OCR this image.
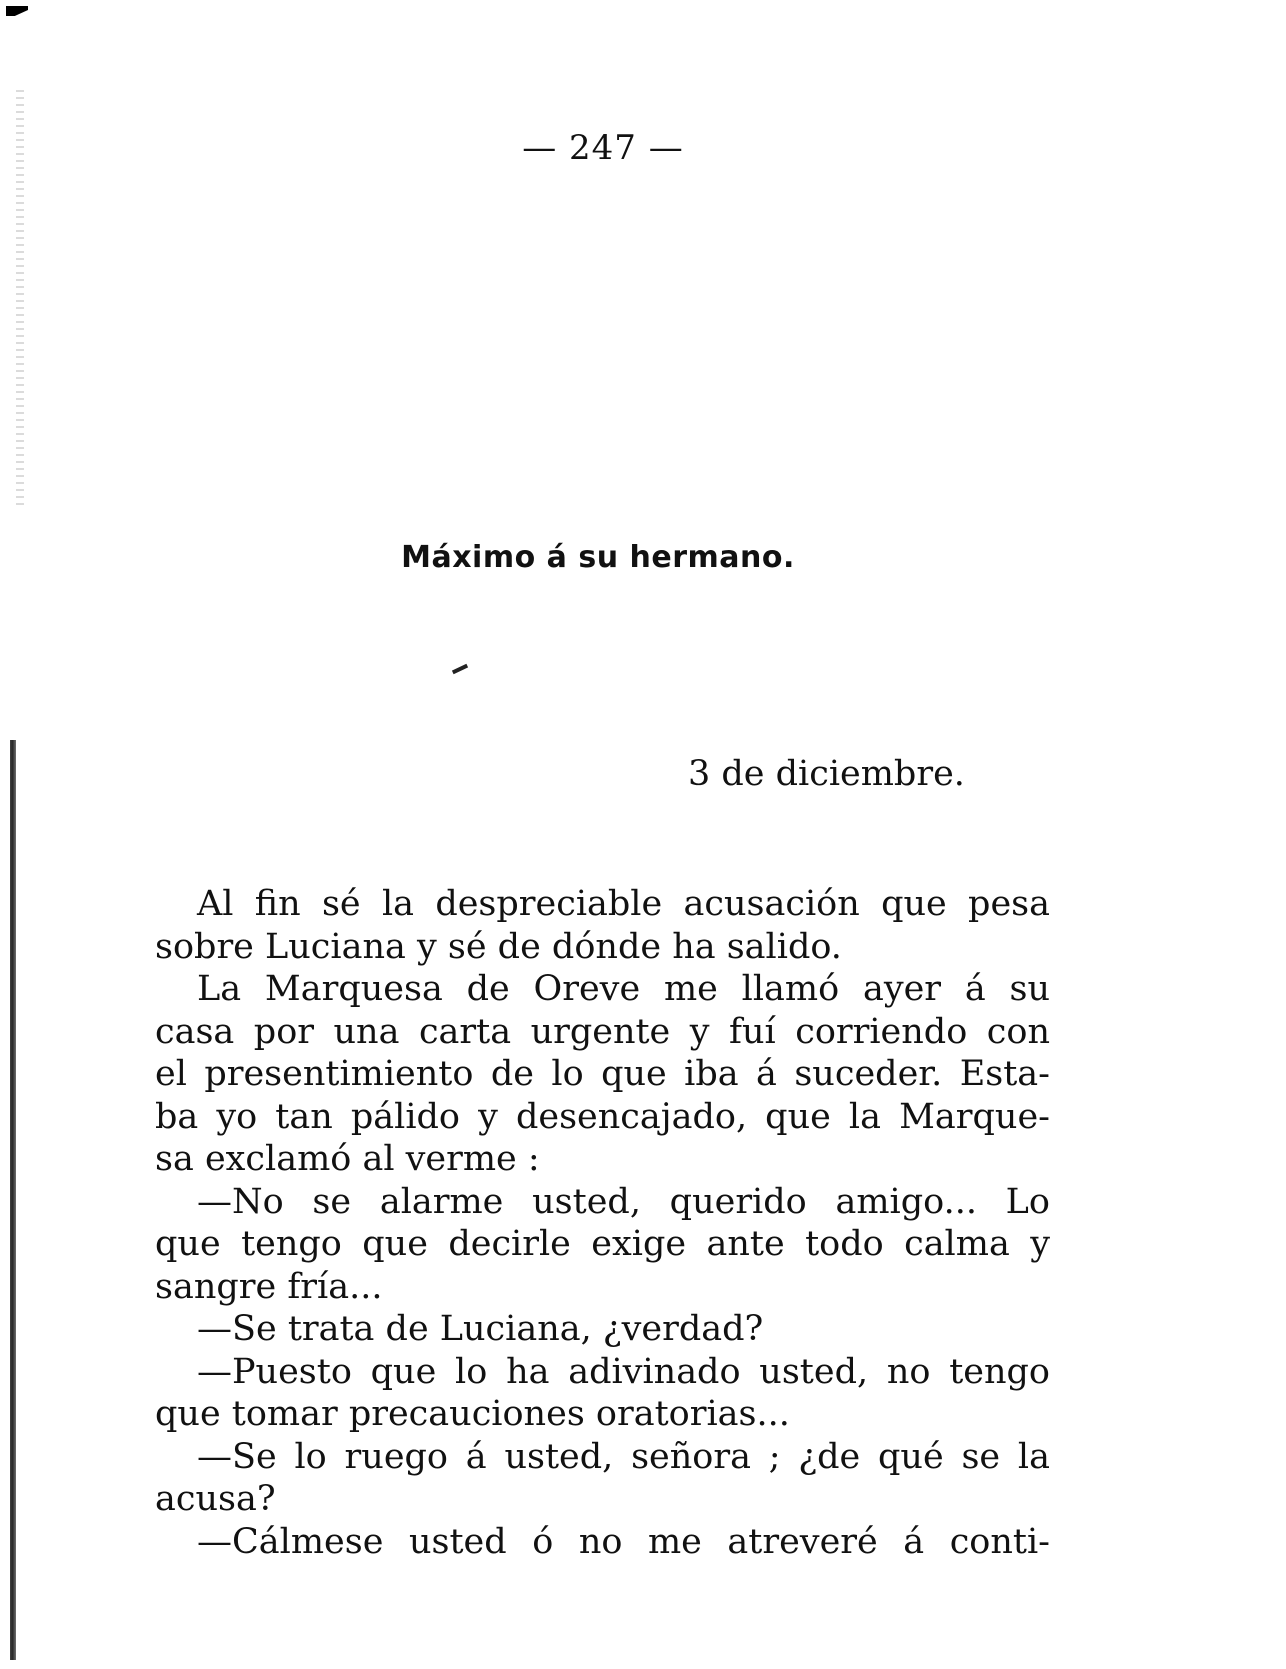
— 247 —
Máximo á su hermano.
3 de diciembre.
Al fin sé la despreciable acusación que pesa
sobre Luciana y sé de dónde ha salido.
La Marquesa de Oreve me llamó ayer á su
casa por una carta urgente y fuí corriendo con
el presentimiento de lo que iba á suceder. Esta-
ba yo tan pálido y desencajado, que la Marque-
sa exclamó al verme :
—No se alarme usted, querido amigo... Lo
que tengo que decirle exige ante todo calma y
sangre fría...
—Se trata de Luciana, ¿verdad?
—Puesto que lo ha adivinado usted, no tengo
que tomar precauciones oratorias...
—Se lo ruego á usted, señora ; ¿de qué se la
acusa?
—Cálmese usted ó no me atreveré á conti-
